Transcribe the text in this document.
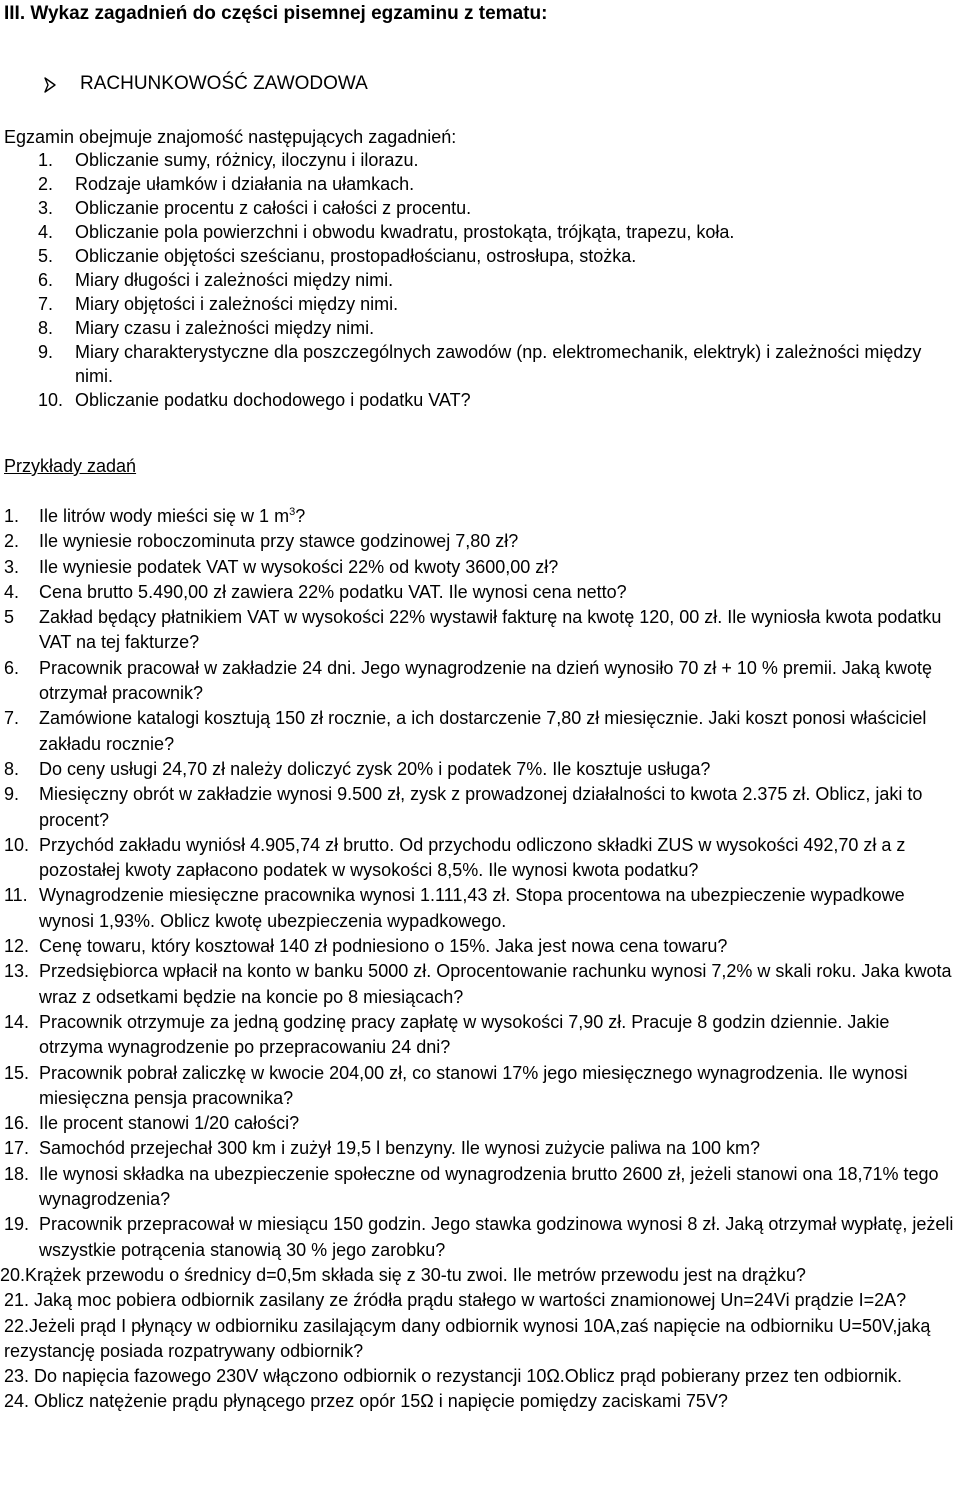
III. Wykaz zagadnień do części pisemnej egzaminu z tematu:
RACHUNKOWOŚĆ ZAWODOWA
Egzamin obejmuje znajomość następujących zagadnień:
1. Obliczanie sumy, różnicy, iloczynu i ilorazu.
2. Rodzaje ułamków i działania na ułamkach.
3. Obliczanie procentu z całości i całości z procentu.
4. Obliczanie pola powierzchni i obwodu kwadratu, prostokąta, trójkąta, trapezu, koła.
5. Obliczanie objętości sześcianu, prostopadłościanu, ostrosłupa, stożka.
6. Miary długości i zależności między nimi.
7. Miary objętości i zależności między nimi.
8. Miary czasu i zależności między nimi.
9. Miary charakterystyczne dla poszczególnych zawodów (np. elektromechanik, elektryk) i zależności między nimi.
10. Obliczanie podatku dochodowego i podatku VAT?
Przykłady zadań
1. Ile litrów wody mieści się w 1 $m^3$?
2. Ile wyniesie roboczominuta przy stawce godzinowej 7,80 zł?
3. Ile wyniesie podatek VAT w wysokości 22% od kwoty 3600,00 zł?
4. Cena brutto 5.490,00 zł zawiera 22% podatku VAT. Ile wynosi cena netto?
5 Zakład będący płatnikiem VAT w wysokości 22% wystawił fakturę na kwotę 120, 00 zł. Ile wyniosła kwota podatku VAT na tej fakturze?
6. Pracownik pracował w zakładzie 24 dni. Jego wynagrodzenie na dzień wynosiło 70 zł + 10 % premii. Jaką kwotę otrzymał pracownik?
7. Zamówione katalogi kosztują 150 zł rocznie, a ich dostarczenie 7,80 zł miesięcznie. Jaki koszt ponosi właściciel zakładu rocznie?
8. Do ceny usługi 24,70 zł należy doliczyć zysk 20% i podatek 7%. Ile kosztuje usługa?
9. Miesięczny obrót w zakładzie wynosi 9.500 zł, zysk z prowadzonej działalności to kwota 2.375 zł. Oblicz, jaki to procent?
10. Przychód zakładu wyniósł 4.905,74 zł brutto. Od przychodu odliczono składki ZUS w wysokości 492,70 zł a z pozostałej kwoty zapłacono podatek w wysokości 8,5%. Ile wynosi kwota podatku?
11. Wynagrodzenie miesięczne pracownika wynosi 1.111,43 zł. Stopa procentowa na ubezpieczenie wypadkowe wynosi 1,93%. Oblicz kwotę ubezpieczenia wypadkowego.
12. Cenę towaru, który kosztował 140 zł podniesiono o 15%. Jaka jest nowa cena towaru?
13. Przedsiębiorca wpłacił na konto w banku 5000 zł. Oprocentowanie rachunku wynosi 7,2% w skali roku. Jaka kwota wraz z odsetkami będzie na koncie po 8 miesiącach?
14. Pracownik otrzymuje za jedną godzinę pracy zapłatę w wysokości 7,90 zł. Pracuje 8 godzin dziennie. Jakie otrzyma wynagrodzenie po przepracowaniu 24 dni?
15. Pracownik pobrał zaliczkę w kwocie 204,00 zł, co stanowi 17% jego miesięcznego wynagrodzenia. Ile wynosi miesięczna pensja pracownika?
16. Ile procent stanowi 1/20 całości?
17. Samochód przejechał 300 km i zużył 19,5 l benzyny. Ile wynosi zużycie paliwa na 100 km?
18. Ile wynosi składka na ubezpieczenie społeczne od wynagrodzenia brutto 2600 zł, jeżeli stanowi ona 18,71% tego wynagrodzenia?
19. Pracownik przepracował w miesiącu 150 godzin. Jego stawka godzinowa wynosi 8 zł. Jaką otrzymał wypłatę, jeżeli wszystkie potrącenia stanowią 30 % jego zarobku?
20.Krążek przewodu o średnicy d=0,5m składa się z 30-tu zwoi. Ile metrów przewodu jest na drążku?
21. Jaką moc pobiera odbiornik zasilany ze źródła prądu stałego w wartości znamionowej Un=24Vi prądzie I=2A?
22.Jeżeli prąd I płynący w odbiorniku zasilającym dany odbiornik wynosi 10A,zaś napięcie na odbiorniku U=50V,jaką rezystancję posiada rozpatrywany odbiornik?
23. Do napięcia fazowego 230V włączono odbiornik o rezystancji 10Ω.Oblicz prąd pobierany przez ten odbiornik.
24. Oblicz natężenie prądu płynącego przez opór 15Ω i napięcie pomiędzy zaciskami 75V?
